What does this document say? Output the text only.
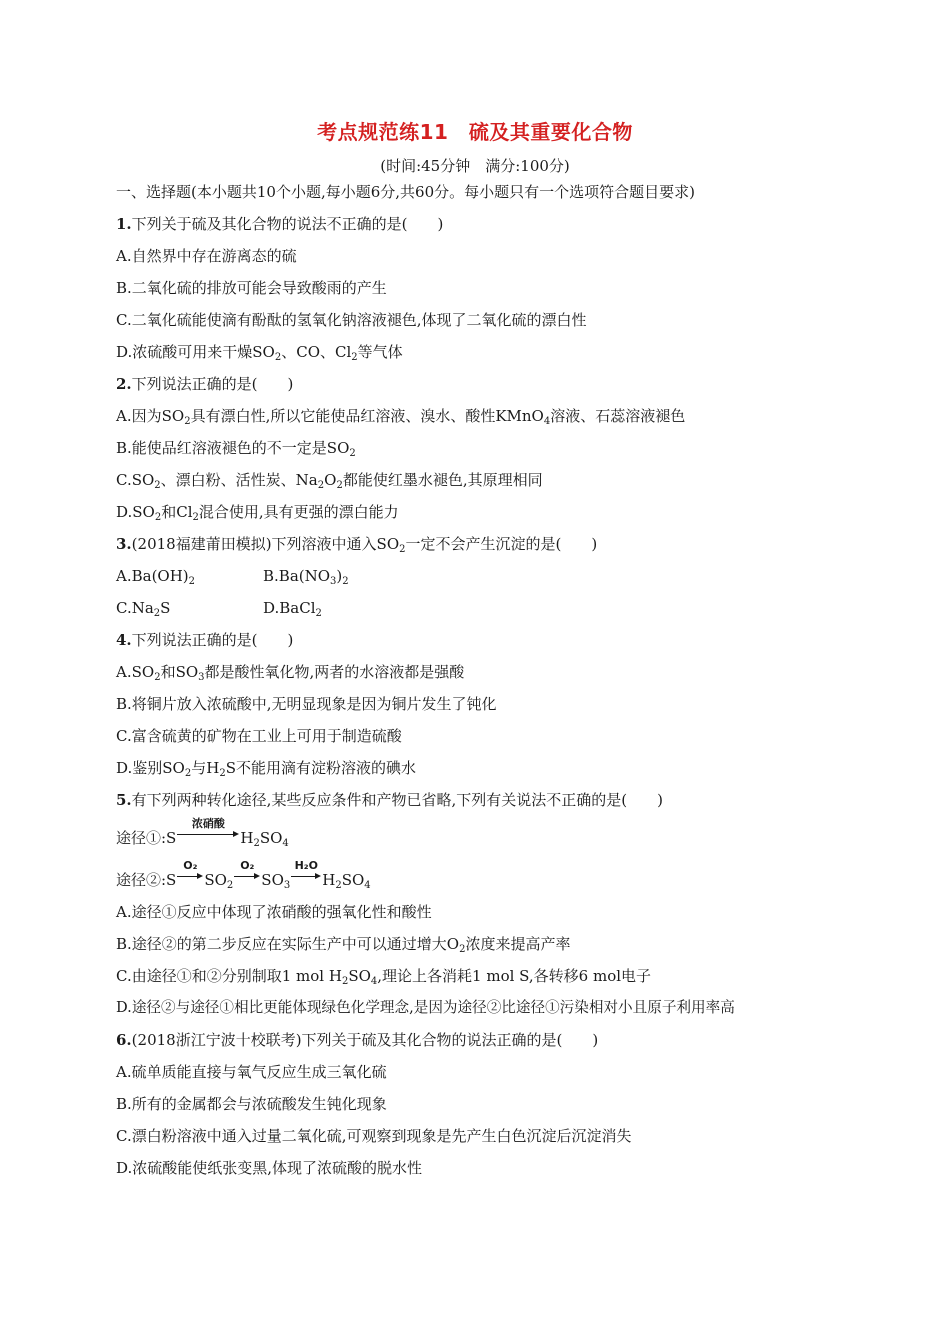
考点规范练11　硫及其重要化合物
(时间:45分钟　满分:100分)
一、选择题(本小题共10个小题,每小题6分,共60分。每小题只有一个选项符合题目要求)
1.下列关于硫及其化合物的说法不正确的是(　　)
A.自然界中存在游离态的硫
B.二氧化硫的排放可能会导致酸雨的产生
C.二氧化硫能使滴有酚酞的氢氧化钠溶液褪色,体现了二氧化硫的漂白性
D.浓硫酸可用来干燥$SO_2$、CO、$Cl_2$等气体
2.下列说法正确的是(　　)
A.因为$SO_2$具有漂白性,所以它能使品红溶液、溴水、酸性KMnO$_4$溶液、石蕊溶液褪色
B.能使品红溶液褪色的不一定是$SO_2$
$C.SO_2$、漂白粉、活性炭、$Na_2O_2$都能使红墨水褪色,其原理相同
$D.SO_2$和$Cl_2$混合使用,具有更强的漂白能力
3.(2018福建莆田模拟)下列溶液中通入$SO_2$一定不会产生沉淀的是(　　)
$A.Ba(OH)_2$	$B.Ba(NO_3)_2$
$C.Na_2S$	D.BaCl$_2$
4.下列说法正确的是(　　)
$A.SO_2$和$SO_3$都是酸性氧化物,两者的水溶液都是强酸
B.将铜片放入浓硫酸中,无明显现象是因为铜片发生了钝化
C.富含硫黄的矿物在工业上可用于制造硫酸
D.鉴别$SO_2$与$H_2S$不能用滴有淀粉溶液的碘水
5.有下列两种转化途径,某些反应条件和产物已省略,下列有关说法不正确的是(　　)
途径①:S
浓硝酸
$H_2SO_4$
途径②:S
O₂
$SO_2$
O₂
$SO_3$
H₂O
$H_2SO_4$
A.途径①反应中体现了浓硝酸的强氧化性和酸性
B.途径②的第二步反应在实际生产中可以通过增大$O_2$浓度来提高产率
C.由途径①和②分别制取1 mol $H_2SO_4$,理论上各消耗1 mol S,各转移6 mol电子
D.途径②与途径①相比更能体现绿色化学理念,是因为途径②比途径①污染相对小且原子利用率高
6.(2018浙江宁波十校联考)下列关于硫及其化合物的说法正确的是(　　)
A.硫单质能直接与氧气反应生成三氧化硫
B.所有的金属都会与浓硫酸发生钝化现象
C.漂白粉溶液中通入过量二氧化硫,可观察到现象是先产生白色沉淀后沉淀消失
D.浓硫酸能使纸张变黑,体现了浓硫酸的脱水性
